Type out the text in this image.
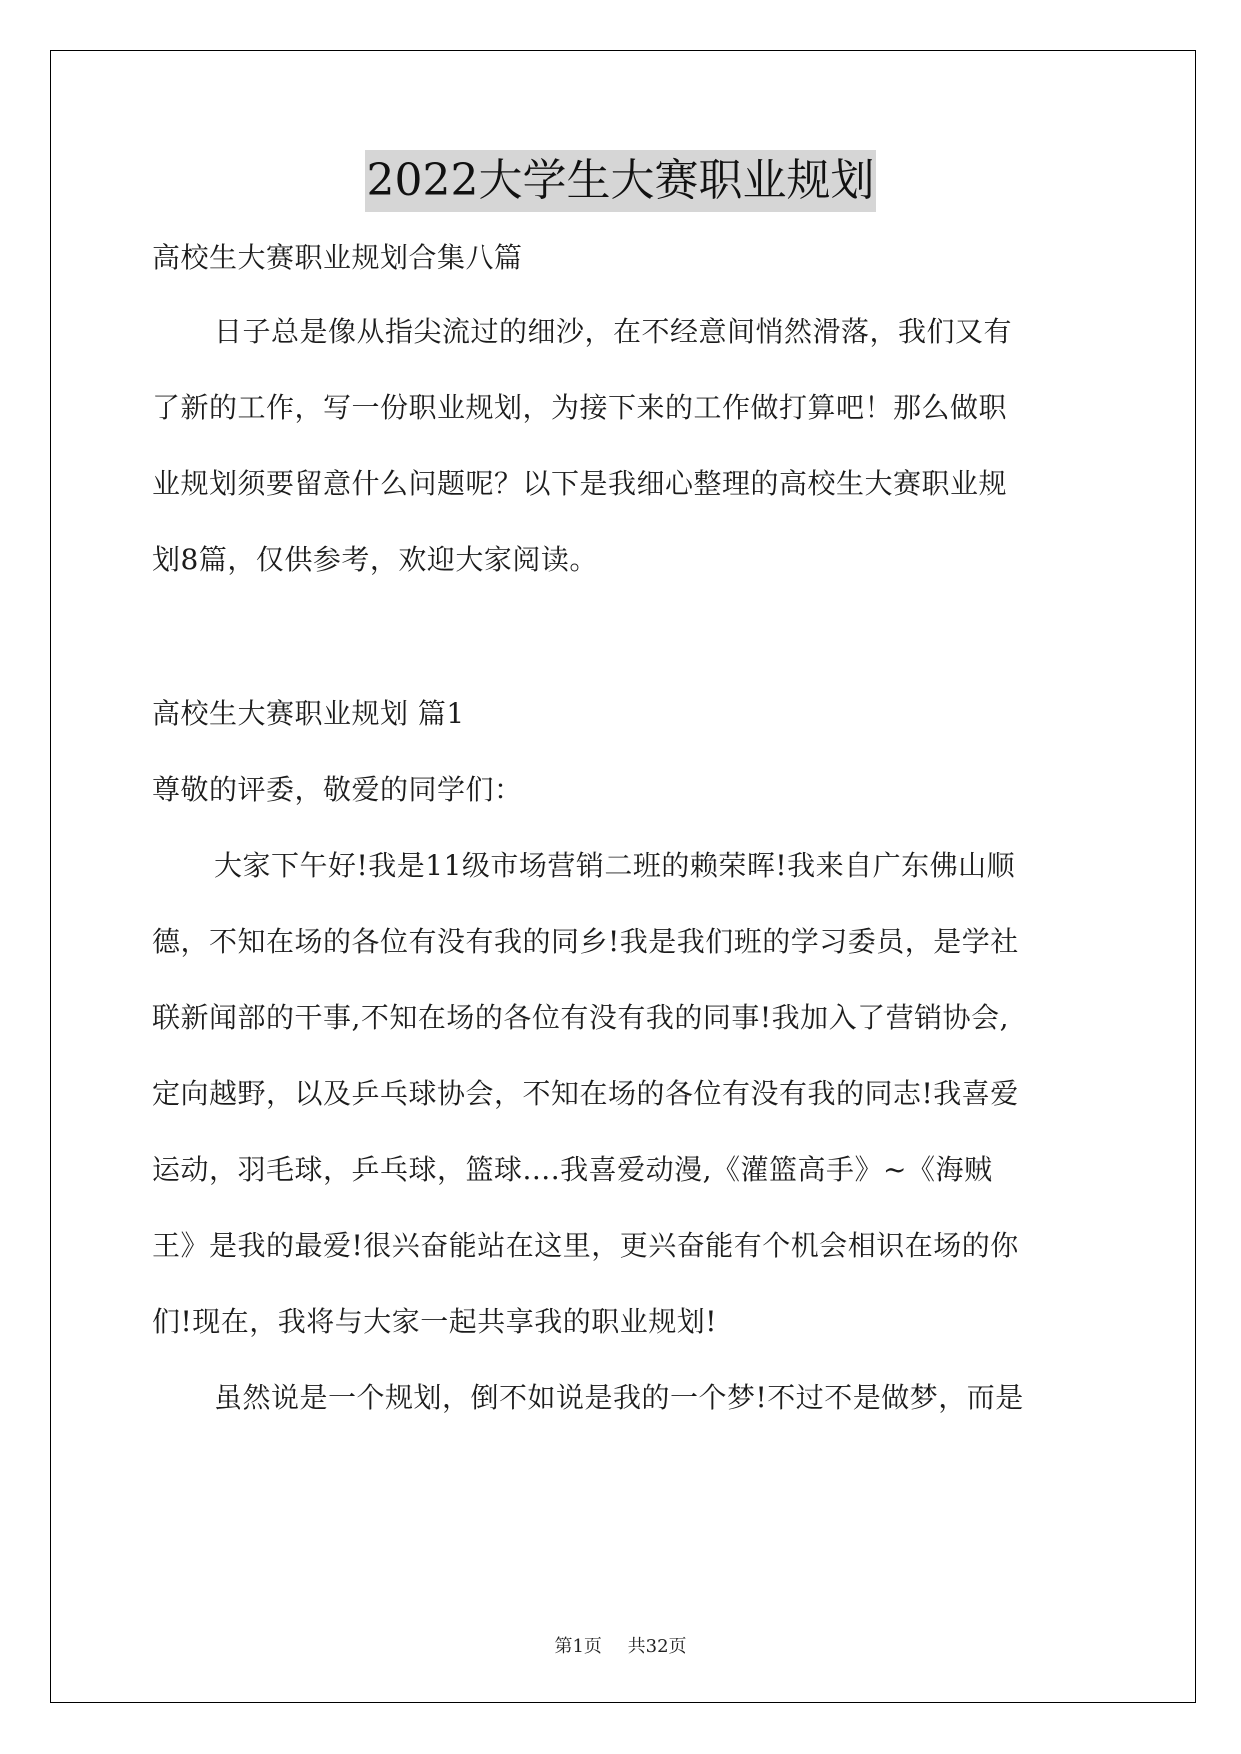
2022大学生大赛职业规划
高校生大赛职业规划合集八篇
日子总是像从指尖流过的细沙，在不经意间悄然滑落，我们又有
了新的工作，写一份职业规划，为接下来的工作做打算吧！那么做职
业规划须要留意什么问题呢？以下是我细心整理的高校生大赛职业规
划8篇，仅供参考，欢迎大家阅读。
高校生大赛职业规划 篇1
尊敬的评委，敬爱的同学们：
大家下午好!我是11级市场营销二班的赖荣晖!我来自广东佛山顺
德，不知在场的各位有没有我的同乡!我是我们班的学习委员，是学社
联新闻部的干事,不知在场的各位有没有我的同事!我加入了营销协会,
定向越野，以及乒乓球协会，不知在场的各位有没有我的同志!我喜爱
运动，羽毛球，乒乓球，篮球....我喜爱动漫,《灌篮高手》~《海贼
王》是我的最爱!很兴奋能站在这里，更兴奋能有个机会相识在场的你
们!现在，我将与大家一起共享我的职业规划!
虽然说是一个规划，倒不如说是我的一个梦!不过不是做梦，而是
第1页 共32页
